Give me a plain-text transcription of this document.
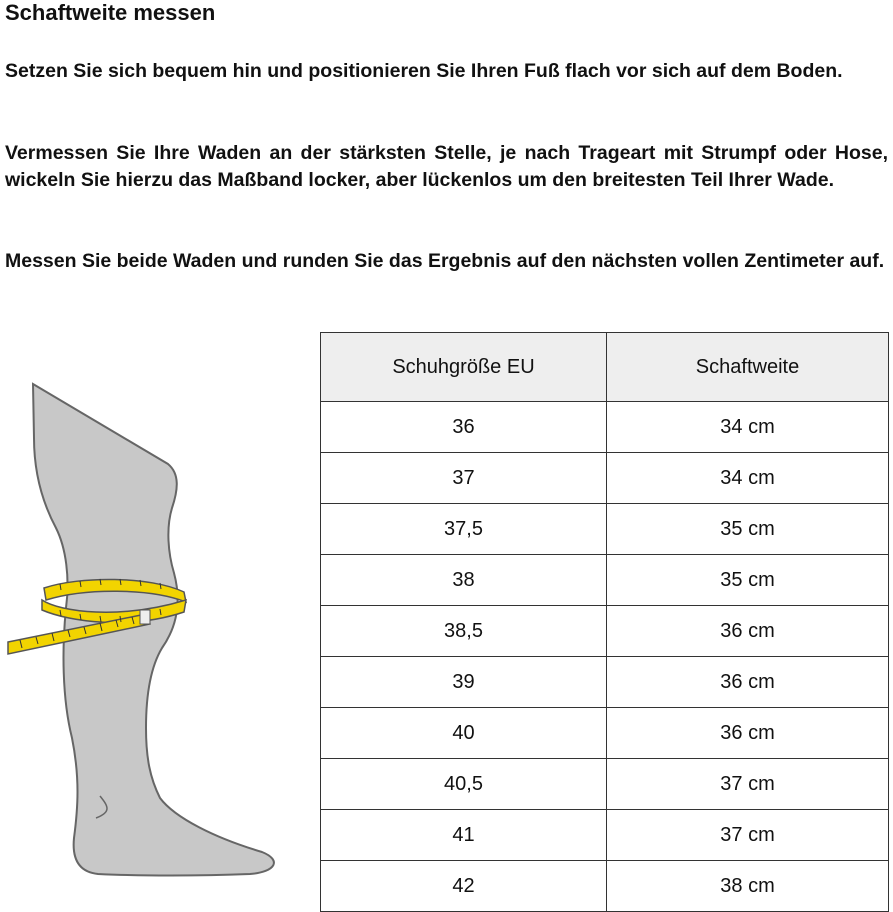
Schaftweite messen

Setzen Sie sich bequem hin und positionieren Sie Ihren Fuß flach vor sich auf dem Boden.

Vermessen Sie Ihre Waden an der stärksten Stelle, je nach Trageart mit Strumpf oder Hose, wickeln Sie hierzu das Maßband locker, aber lückenlos um den breitesten Teil Ihrer Wade.

Messen Sie beide Waden und runden Sie das Ergebnis auf den nächsten vollen Zentimeter auf.

Schuhgröße EU	Schaftweite
36	34 cm
37	34 cm
37,5	35 cm
38	35 cm
38,5	36 cm
39	36 cm
40	36 cm
40,5	37 cm
41	37 cm
42	38 cm
